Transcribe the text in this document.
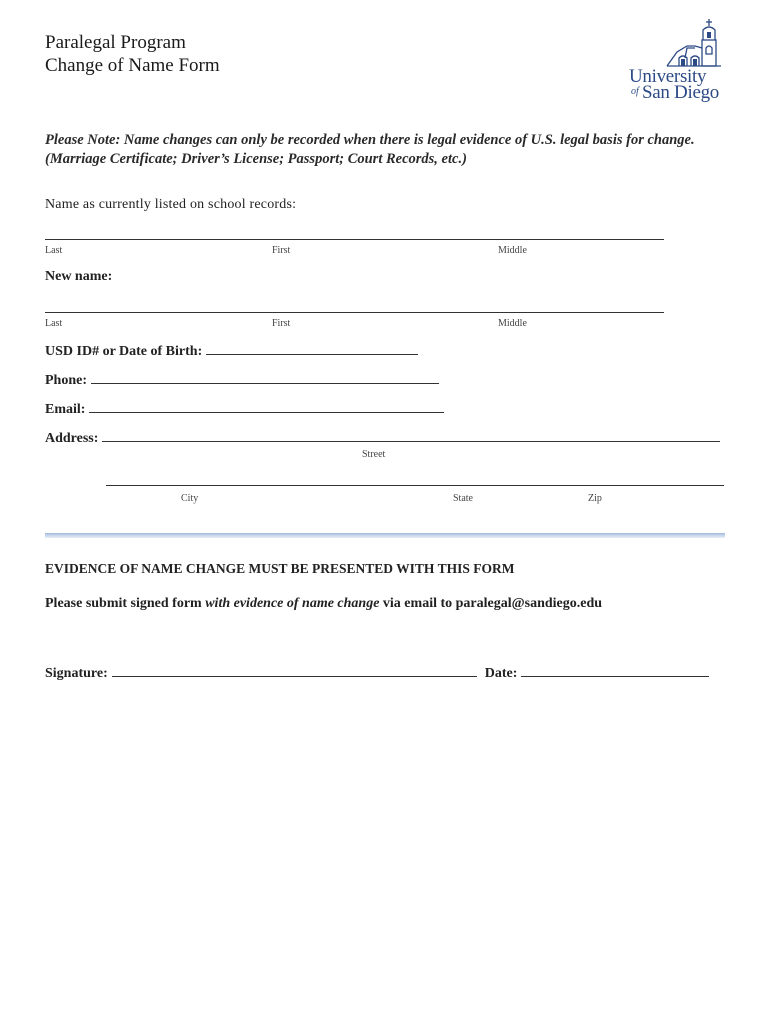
Paralegal Program
Change of Name Form
University
of San Diego
Please Note: Name changes can only be recorded when there is legal evidence of U.S. legal basis for change. (Marriage Certificate; Driver’s License; Passport; Court Records, etc.)
Name as currently listed on school records:
Last	First	Middle
New name:
Last	First	Middle
USD ID# or Date of Birth:
Phone:
Email:
Address:
Street
City	State	Zip
EVIDENCE OF NAME CHANGE MUST BE PRESENTED WITH THIS FORM
Please submit signed form with evidence of name change via email to paralegal@sandiego.edu
Signature:	Date:
